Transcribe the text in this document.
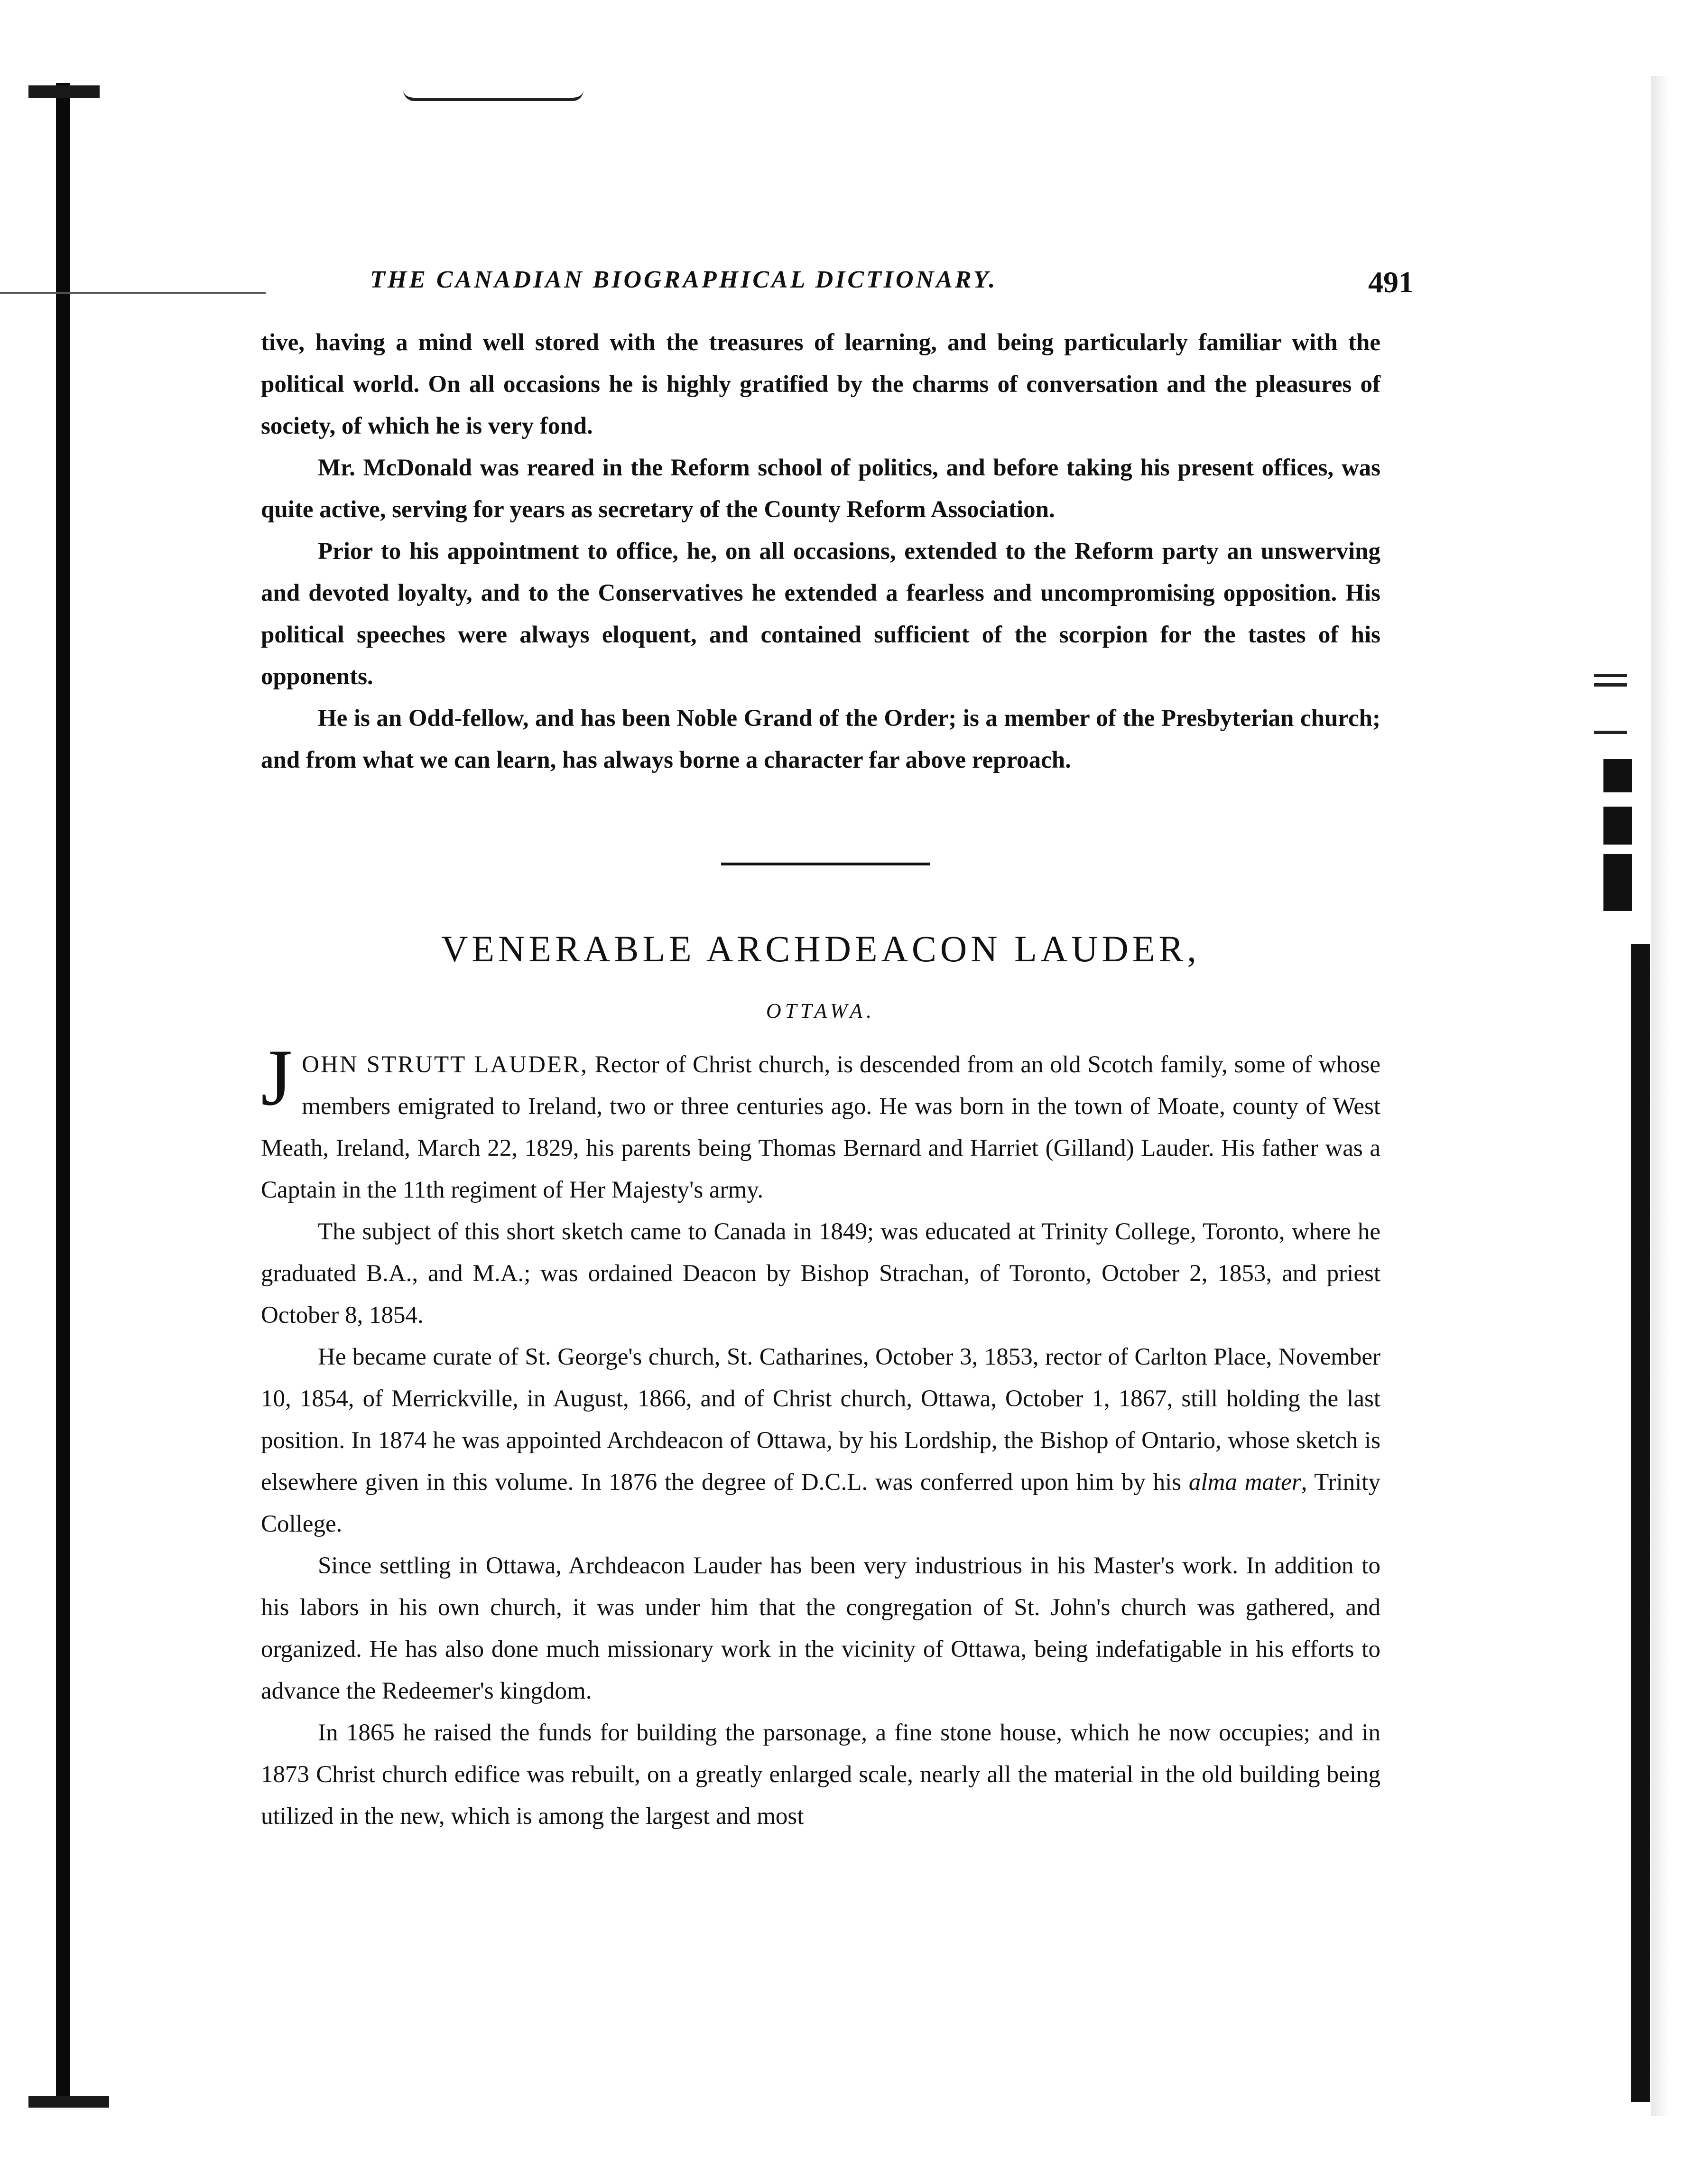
THE CANADIAN BIOGRAPHICAL DICTIONARY.	491

tive, having a mind well stored with the treasures of learning, and being particularly familiar with the political world. On all occasions he is highly gratified by the charms of conversation and the pleasures of society, of which he is very fond.

Mr. McDonald was reared in the Reform school of politics, and before taking his present offices, was quite active, serving for years as secretary of the County Reform Association.

Prior to his appointment to office, he, on all occasions, extended to the Reform party an unswerving and devoted loyalty, and to the Conservatives he extended a fearless and uncompromising opposition. His political speeches were always eloquent, and contained sufficient of the scorpion for the tastes of his opponents.

He is an Odd-fellow, and has been Noble Grand of the Order; is a member of the Presbyterian church; and from what we can learn, has always borne a character far above reproach.

VENERABLE ARCHDEACON LAUDER,
OTTAWA.

JOHN STRUTT LAUDER, Rector of Christ church, is descended from an old Scotch family, some of whose members emigrated to Ireland, two or three centuries ago. He was born in the town of Moate, county of West Meath, Ireland, March 22, 1829, his parents being Thomas Bernard and Harriet (Gilland) Lauder. His father was a Captain in the 11th regiment of Her Majesty's army.

The subject of this short sketch came to Canada in 1849; was educated at Trinity College, Toronto, where he graduated B.A., and M.A.; was ordained Deacon by Bishop Strachan, of Toronto, October 2, 1853, and priest October 8, 1854.

He became curate of St. George's church, St. Catharines, October 3, 1853, rector of Carlton Place, November 10, 1854, of Merrickville, in August, 1866, and of Christ church, Ottawa, October 1, 1867, still holding the last position. In 1874 he was appointed Archdeacon of Ottawa, by his Lordship, the Bishop of Ontario, whose sketch is elsewhere given in this volume. In 1876 the degree of D.C.L. was conferred upon him by his alma mater, Trinity College.

Since settling in Ottawa, Archdeacon Lauder has been very industrious in his Master's work. In addition to his labors in his own church, it was under him that the congregation of St. John's church was gathered, and organized. He has also done much missionary work in the vicinity of Ottawa, being indefatigable in his efforts to advance the Redeemer's kingdom.

In 1865 he raised the funds for building the parsonage, a fine stone house, which he now occupies; and in 1873 Christ church edifice was rebuilt, on a greatly enlarged scale, nearly all the material in the old building being utilized in the new, which is among the largest and most
